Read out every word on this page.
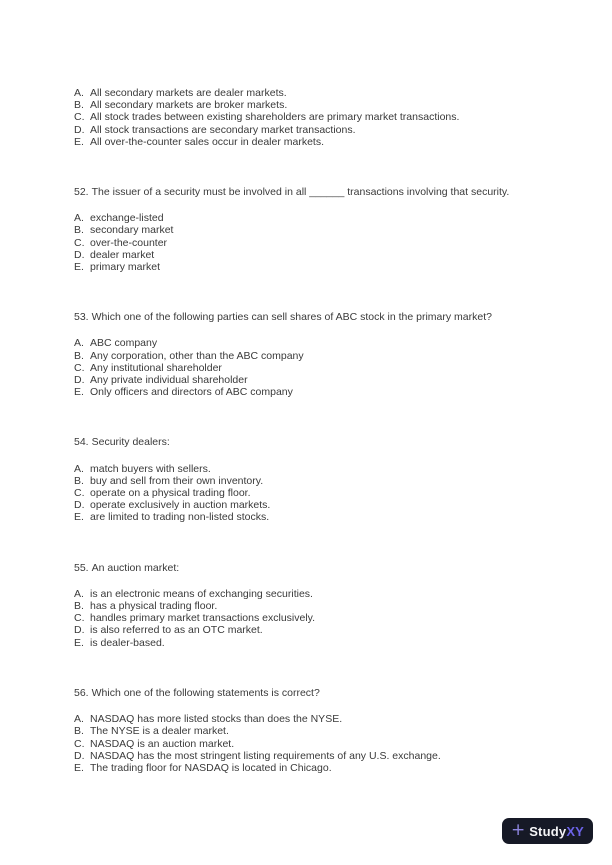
A. All secondary markets are dealer markets.
B. All secondary markets are broker markets.
C. All stock trades between existing shareholders are primary market transactions.
D. All stock transactions are secondary market transactions.
E. All over-the-counter sales occur in dealer markets.
52. The issuer of a security must be involved in all ______ transactions involving that security.
A. exchange-listed
B. secondary market
C. over-the-counter
D. dealer market
E. primary market
53. Which one of the following parties can sell shares of ABC stock in the primary market?
A. ABC company
B. Any corporation, other than the ABC company
C. Any institutional shareholder
D. Any private individual shareholder
E. Only officers and directors of ABC company
54. Security dealers:
A. match buyers with sellers.
B. buy and sell from their own inventory.
C. operate on a physical trading floor.
D. operate exclusively in auction markets.
E. are limited to trading non-listed stocks.
55. An auction market:
A. is an electronic means of exchanging securities.
B. has a physical trading floor.
C. handles primary market transactions exclusively.
D. is also referred to as an OTC market.
E. is dealer-based.
56. Which one of the following statements is correct?
A. NASDAQ has more listed stocks than does the NYSE.
B. The NYSE is a dealer market.
C. NASDAQ is an auction market.
D. NASDAQ has the most stringent listing requirements of any U.S. exchange.
E. The trading floor for NASDAQ is located in Chicago.
+ StudyXY
